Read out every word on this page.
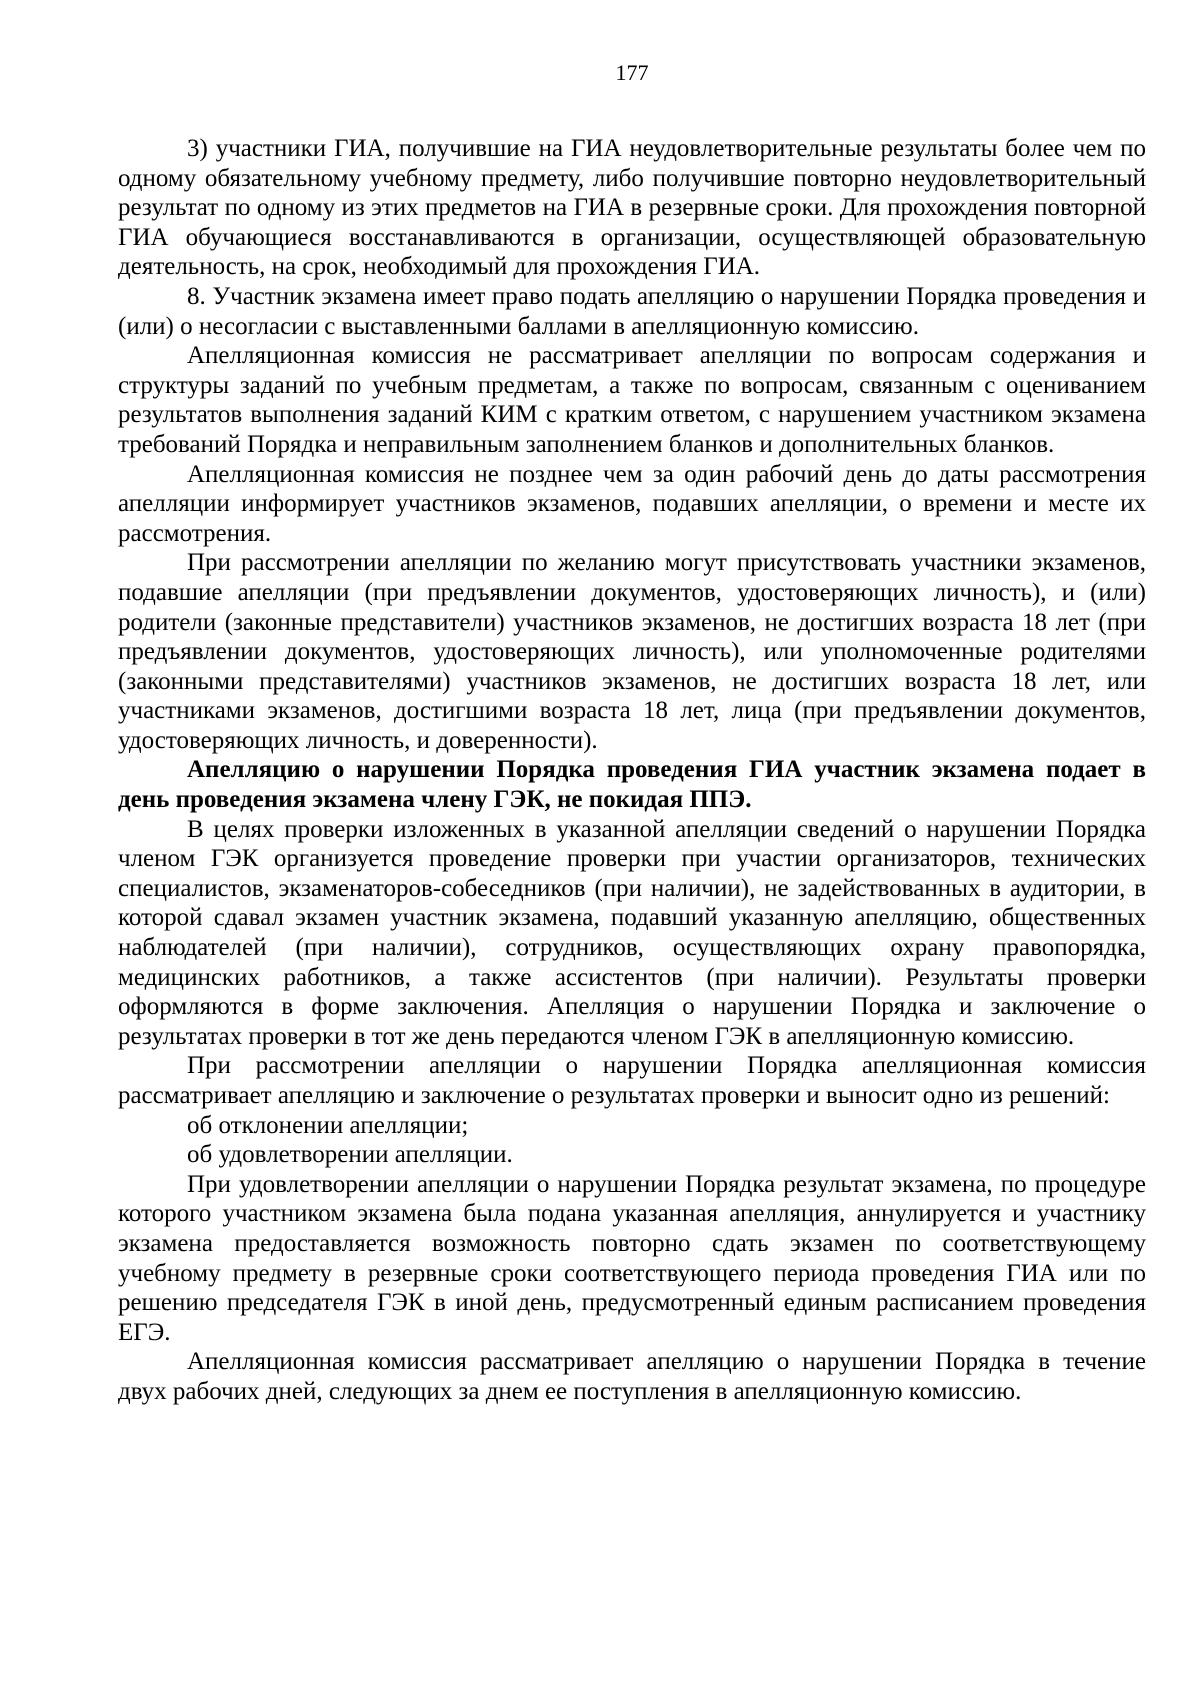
177

3) участники ГИА, получившие на ГИА неудовлетворительные результаты более чем по одному обязательному учебному предмету, либо получившие повторно неудовлетворительный результат по одному из этих предметов на ГИА в резервные сроки. Для прохождения повторной ГИА обучающиеся восстанавливаются в организации, осуществляющей образовательную деятельность, на срок, необходимый для прохождения ГИА.

8. Участник экзамена имеет право подать апелляцию о нарушении Порядка проведения и (или) о несогласии с выставленными баллами в апелляционную комиссию.

Апелляционная комиссия не рассматривает апелляции по вопросам содержания и структуры заданий по учебным предметам, а также по вопросам, связанным с оцениванием результатов выполнения заданий КИМ с кратким ответом, с нарушением участником экзамена требований Порядка и неправильным заполнением бланков и дополнительных бланков.

Апелляционная комиссия не позднее чем за один рабочий день до даты рассмотрения апелляции информирует участников экзаменов, подавших апелляции, о времени и месте их рассмотрения.

При рассмотрении апелляции по желанию могут присутствовать участники экзаменов, подавшие апелляции (при предъявлении документов, удостоверяющих личность), и (или) родители (законные представители) участников экзаменов, не достигших возраста 18 лет (при предъявлении документов, удостоверяющих личность), или уполномоченные родителями (законными представителями) участников экзаменов, не достигших возраста 18 лет, или участниками экзаменов, достигшими возраста 18 лет, лица (при предъявлении документов, удостоверяющих личность, и доверенности).

Апелляцию о нарушении Порядка проведения ГИА участник экзамена подает в день проведения экзамена члену ГЭК, не покидая ППЭ.

В целях проверки изложенных в указанной апелляции сведений о нарушении Порядка членом ГЭК организуется проведение проверки при участии организаторов, технических специалистов, экзаменаторов-собеседников (при наличии), не задействованных в аудитории, в которой сдавал экзамен участник экзамена, подавший указанную апелляцию, общественных наблюдателей (при наличии), сотрудников, осуществляющих охрану правопорядка, медицинских работников, а также ассистентов (при наличии). Результаты проверки оформляются в форме заключения. Апелляция о нарушении Порядка и заключение о результатах проверки в тот же день передаются членом ГЭК в апелляционную комиссию.

При рассмотрении апелляции о нарушении Порядка апелляционная комиссия рассматривает апелляцию и заключение о результатах проверки и выносит одно из решений:

об отклонении апелляции;

об удовлетворении апелляции.

При удовлетворении апелляции о нарушении Порядка результат экзамена, по процедуре которого участником экзамена была подана указанная апелляция, аннулируется и участнику экзамена предоставляется возможность повторно сдать экзамен по соответствующему учебному предмету в резервные сроки соответствующего периода проведения ГИА или по решению председателя ГЭК в иной день, предусмотренный единым расписанием проведения ЕГЭ.

Апелляционная комиссия рассматривает апелляцию о нарушении Порядка в течение двух рабочих дней, следующих за днем ее поступления в апелляционную комиссию.
